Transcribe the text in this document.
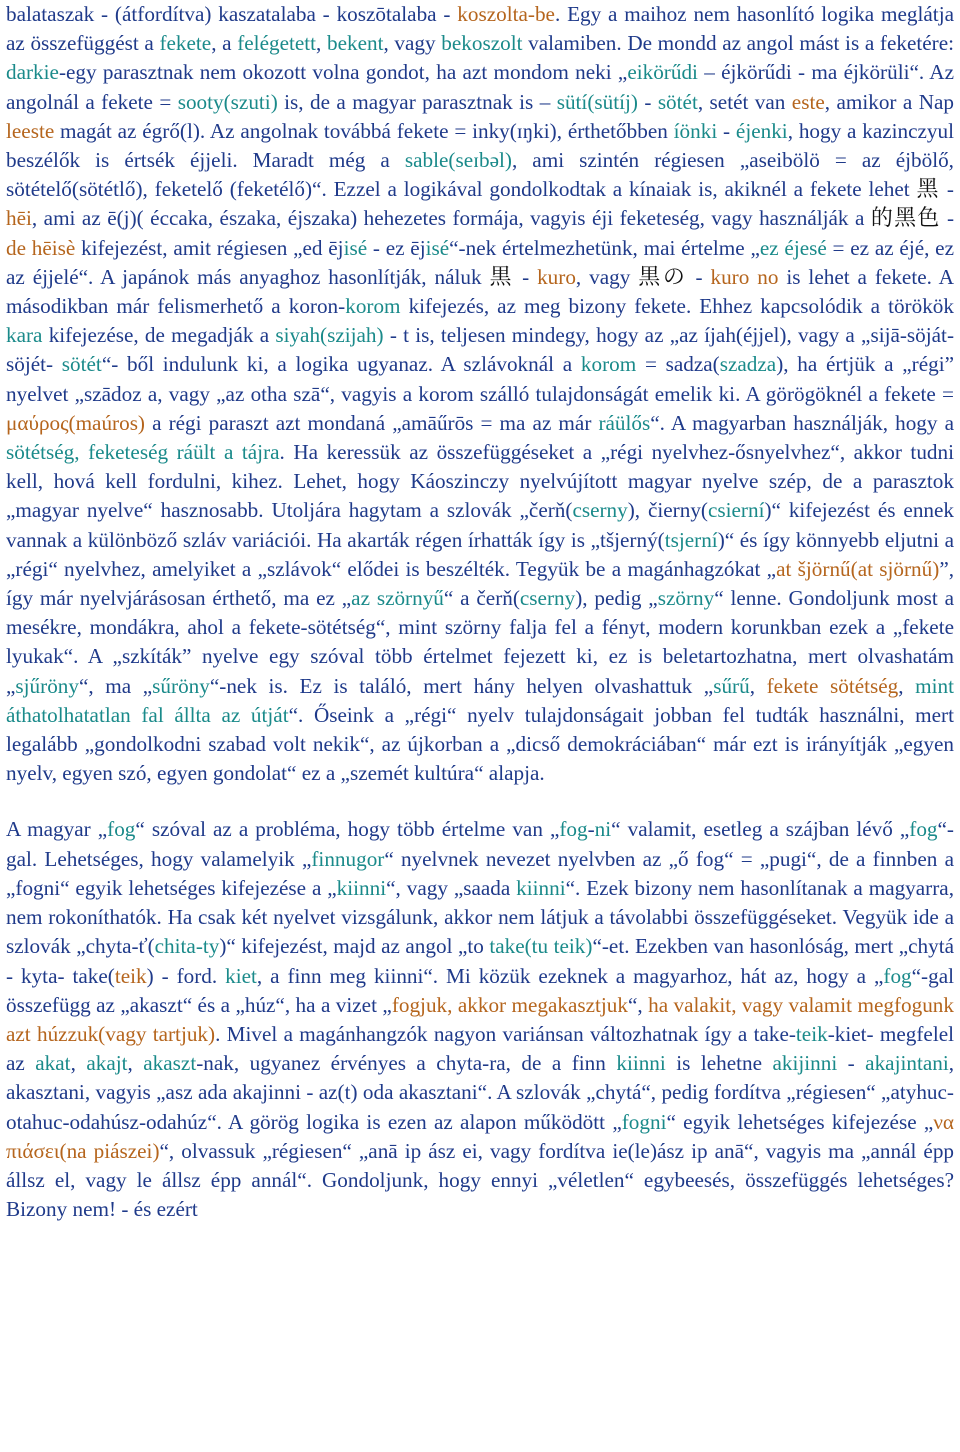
balataszak - (átfordítva) kaszatalaba - koszōtalaba - koszolta-be. Egy a maihoz nem hasonlító logika meglátja az összefüggést a fekete, a felégetett, bekent, vagy bekoszolt valamiben. De mondd az angol mást is a feketére: darkie-egy parasztnak nem okozott volna gondot, ha azt mondom neki „eikörűdi – éjkörűdi - ma éjkörüli“. Az angolnál a fekete = sooty(szuti) is, de a magyar parasztnak is – sütí(sütíj) - sötét, setét van este, amikor a Nap leeste magát az égrő(l). Az angolnak továbbá fekete = inky(ɪŋki), érthetőbben íönki - éjenki, hogy a kazinczyul beszélők is értsék éjjeli. Maradt még a sable(seɪbəl), ami szintén régiesen „aseibölö = az éjbölő, sötételő(sötétlő), feketelő (feketélő)“. Ezzel a logikával gondolkodtak a kínaiak is, akiknél a fekete lehet 黑 - hēi, ami az ē(j)( éccaka, északa, éjszaka) hehezetes formája, vagyis éji feketeség, vagy használják a 的黑色 - de hēisè kifejezést, amit régiesen „ed ējisé - ez ējisé“-nek értelmezhetünk, mai értelme „ez éjesé = ez az éjé, ez az éjjelé“. A japánok más anyaghoz hasonlítják, náluk 黒 - kuro, vagy 黒の - kuro no is lehet a fekete. A másodikban már felismerhető a koron-korom kifejezés, az meg bizony fekete. Ehhez kapcsolódik a törökök kara kifejezése, de megadják a siyah(szijah) - t is, teljesen mindegy, hogy az „az íjah(éjjel), vagy a „sijā-söját-söjét- sötét“- ből indulunk ki, a logika ugyanaz. A szlávoknál a korom = sadza(szadza), ha értjük a „régi” nyelvet „szādoz a, vagy „az otha szā“, vagyis a korom szálló tulajdonságát emelik ki. A görögöknél a fekete = μαύρος(maúros) a régi paraszt azt mondaná „amāűrōs = ma az már ráülős“. A magyarban használják, hogy a sötétség, feketeség ráült a tájra. Ha keressük az összefüggéseket a „régi nyelvhez-ősnyelvhez“, akkor tudni kell, hová kell fordulni, kihez. Lehet, hogy Káoszinczy nyelvújított magyar nyelve szép, de a parasztok „magyar nyelve“ hasznosabb. Utoljára hagytam a szlovák „čerň(cserny), čierny(csierní)“ kifejezést és ennek vannak a különböző szláv variációi. Ha akarták régen írhatták így is „tšjerný(tsjerní)“ és így könnyebb eljutni a „régi“ nyelvhez, amelyiket a „szlávok“ elődei is beszélték. Tegyük be a magánhagzókat „at šjörnű(at sjörnű)”, így már nyelvjárásosan érthető, ma ez „az szörnyű“ a čerň(cserny), pedig „szörny“ lenne. Gondoljunk most a mesékre, mondákra, ahol a fekete-sötétség“, mint szörny falja fel a fényt, modern korunkban ezek a „fekete lyukak“. A „szkíták” nyelve egy szóval több értelmet fejezett ki, ez is beletartozhatna, mert olvashatám „sjűröny“, ma „sűröny“-nek is. Ez is találó, mert hány helyen olvashattuk „sűrű, fekete sötétség, mint áthatolhatatlan fal állta az útját“. Őseink a „régi“ nyelv tulajdonságait jobban fel tudták használni, mert legalább „gondolkodni szabad volt nekik“, az újkorban a „dicső demokráciában“ már ezt is irányítják „egyen nyelv, egyen szó, egyen gondolat“ ez a „szemét kultúra“ alapja.

A magyar „fog“ szóval az a probléma, hogy több értelme van „fog-ni“ valamit, esetleg a szájban lévő „fog“-gal. Lehetséges, hogy valamelyik „finnugor“ nyelvnek nevezet nyelvben az „ő fog“ = „pugi“, de a finnben a „fogni“ egyik lehetséges kifejezése a „kiinni“, vagy „saada kiinni“. Ezek bizony nem hasonlítanak a magyarra, nem rokoníthatók. Ha csak két nyelvet vizsgálunk, akkor nem látjuk a távolabbi összefüggéseket. Vegyük ide a szlovák „chyta-ť(chita-ty)“ kifejezést, majd az angol „to take(tu teik)“-et. Ezekben van hasonlóság, mert „chytá - kyta- take(teik) - ford. kiet, a finn meg kiinni“. Mi közük ezeknek a magyarhoz, hát az, hogy a „fog“-gal összefügg az „akaszt“ és a „húz“, ha a vizet „fogjuk, akkor megakasztjuk“, ha valakit, vagy valamit megfogunk azt húzzuk(vagy tartjuk). Mivel a magánhangzók nagyon variánsan változhatnak így a take-teik-kiet- megfelel az akat, akajt, akaszt-nak, ugyanez érvényes a chyta-ra, de a finn kiinni is lehetne akijinni - akajintani, akasztani, vagyis „asz ada akajinni - az(t) oda akasztani“. A szlovák „chytá“, pedig fordítva „régiesen“ „atyhuc-otahuc-odahúsz-odahúz“. A görög logika is ezen az alapon működött „fogni“ egyik lehetséges kifejezése „να πιάσει(na piászei)“, olvassuk „régiesen“ „anā ip ász ei, vagy fordítva ie(le)ász ip anā“, vagyis ma „annál épp állsz el, vagy le állsz épp annál“. Gondoljunk, hogy ennyi „véletlen“ egybeesés, összefüggés lehetséges? Bizony nem! - és ezért
